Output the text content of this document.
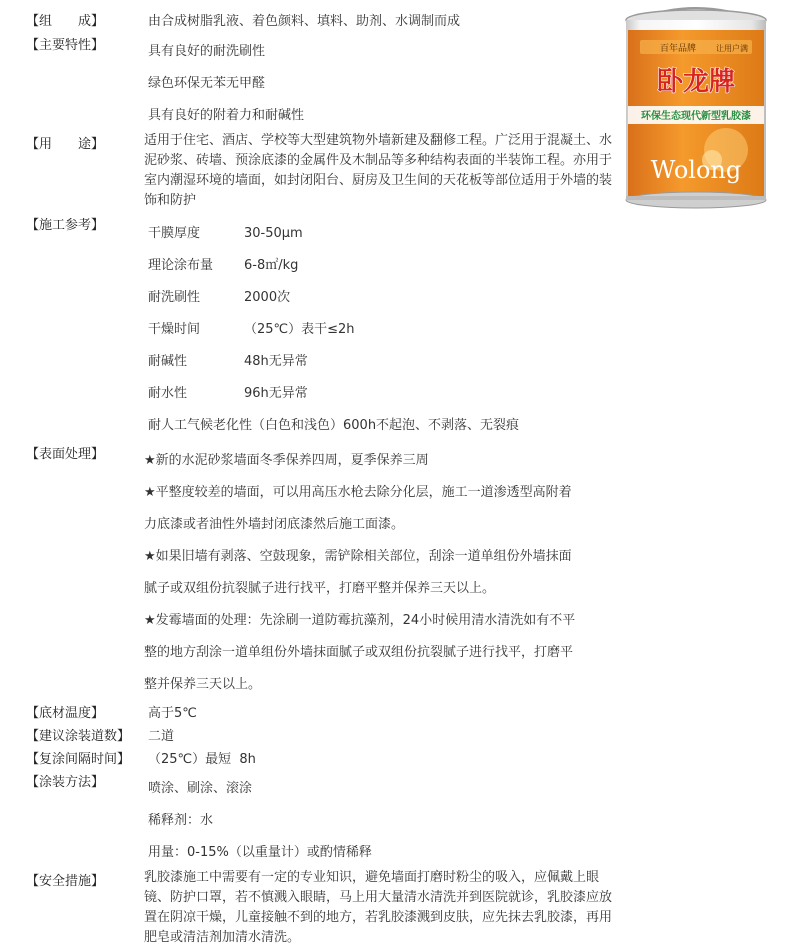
【组　　成】	由合成树脂乳液、着色颜料、填料、助剂、水调制而成
【主要特性】	具有良好的耐洗刷性
绿色环保无苯无甲醛
具有良好的附着力和耐碱性
【用　　途】	适用于住宅、酒店、学校等大型建筑物外墙新建及翻修工程。广泛用于混凝土、水泥砂浆、砖墙、预涂底漆的金属件及木制品等多种结构表面的半装饰工程。亦用于室内潮湿环境的墙面，如封闭阳台、厨房及卫生间的天花板等部位适用于外墙的装饰和防护
【施工参考】
干膜厚度	30-50μm
理论涂布量 6-8㎡/kg
耐洗刷性	2000次
干燥时间	（25℃）表干≤2h
耐碱性	48h无异常
耐水性	96h无异常
耐人工气候老化性（白色和浅色）600h不起泡、不剥落、无裂痕
【表面处理】	★新的水泥砂浆墙面冬季保养四周，夏季保养三周
★平整度较差的墙面，可以用高压水枪去除分化层，施工一道渗透型高附着
力底漆或者油性外墙封闭底漆然后施工面漆。
★如果旧墙有剥落、空鼓现象，需铲除相关部位，刮涂一道单组份外墙抹面
腻子或双组份抗裂腻子进行找平，打磨平整并保养三天以上。
★发霉墙面的处理：先涂刷一道防霉抗藻剂，24小时候用清水清洗如有不平
整的地方刮涂一道单组份外墙抹面腻子或双组份抗裂腻子进行找平，打磨平
整并保养三天以上。
【底材温度】	高于5℃
【建议涂装道数】 二道
【复涂间隔时间】 （25℃）最短  8h
【涂装方法】	喷涂、刷涂、滚涂
稀释剂：水
用量：0-15%（以重量计）或酌情稀释
【安全措施】	乳胶漆施工中需要有一定的专业知识，避免墙面打磨时粉尘的吸入，应佩戴上眼镜、防护口罩，若不慎溅入眼睛，马上用大量清水清洗并到医院就诊，乳胶漆应放置在阴凉干燥，儿童接触不到的地方，若乳胶漆溅到皮肤，应先抹去乳胶漆，再用肥皂或清洁剂加清水清洗。
百年品牌 让用户满
卧龙牌
环保生态现代新型乳胶漆
Wolong
